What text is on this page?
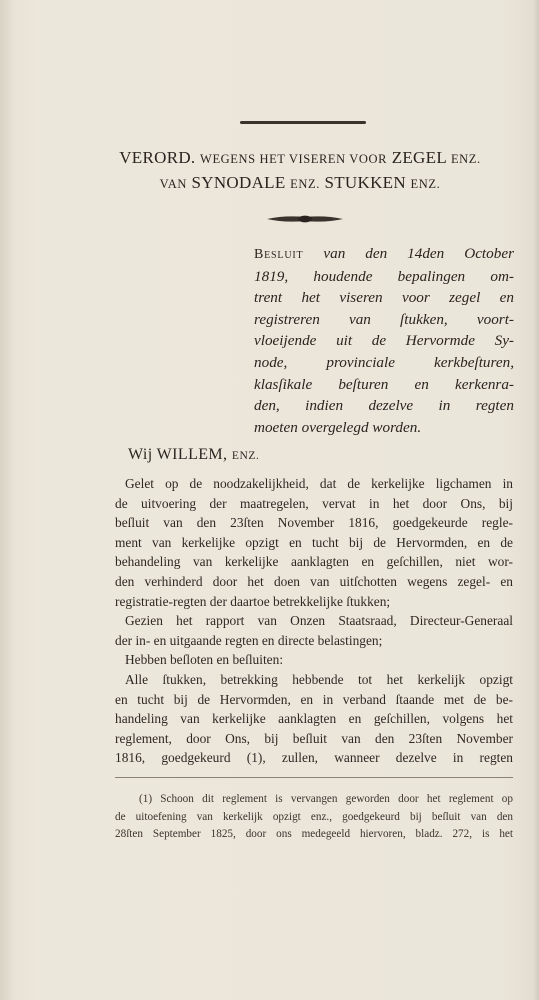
VERORD. WEGENS HET VISEREN VOOR ZEGEL ENZ.
VAN SYNODALE ENZ. STUKKEN ENZ.
Besluit van den 14den October
1819, houdende bepalingen om-
trent het viseren voor zegel en
registreren van ſtukken, voort-
vloeijende uit de Hervormde Sy-
node, provinciale kerkbeſturen,
klasſikale beſturen en kerkenra-
den, indien dezelve in regten
moeten overgelegd worden.
Wij WILLEM, ENZ.
Gelet op de noodzakelijkheid, dat de kerkelijke ligchamen in
de uitvoering der maatregelen, vervat in het door Ons, bij
beſluit van den 23ſten November 1816, goedgekeurde regle-
ment van kerkelijke opzigt en tucht bij de Hervormden, en de
behandeling van kerkelijke aanklagten en geſchillen, niet wor-
den verhinderd door het doen van uitſchotten wegens zegel- en
registratie-regten der daartoe betrekkelijke ſtukken;
Gezien het rapport van Onzen Staatsraad, Directeur-Generaal
der in- en uitgaande regten en directe belastingen;
Hebben beſloten en beſluiten:
Alle ſtukken, betrekking hebbende tot het kerkelijk opzigt
en tucht bij de Hervormden, en in verband ſtaande met de be-
handeling van kerkelijke aanklagten en geſchillen, volgens het
reglement, door Ons, bij beſluit van den 23ſten November
1816, goedgekeurd (1), zullen, wanneer dezelve in regten
(1) Schoon dit reglement is vervangen geworden door het reglement op
de uitoefening van kerkelijk opzigt enz., goedgekeurd bij beſluit van den
28ſten September 1825, door ons medegeeld hiervoren, bladz. 272, is het
